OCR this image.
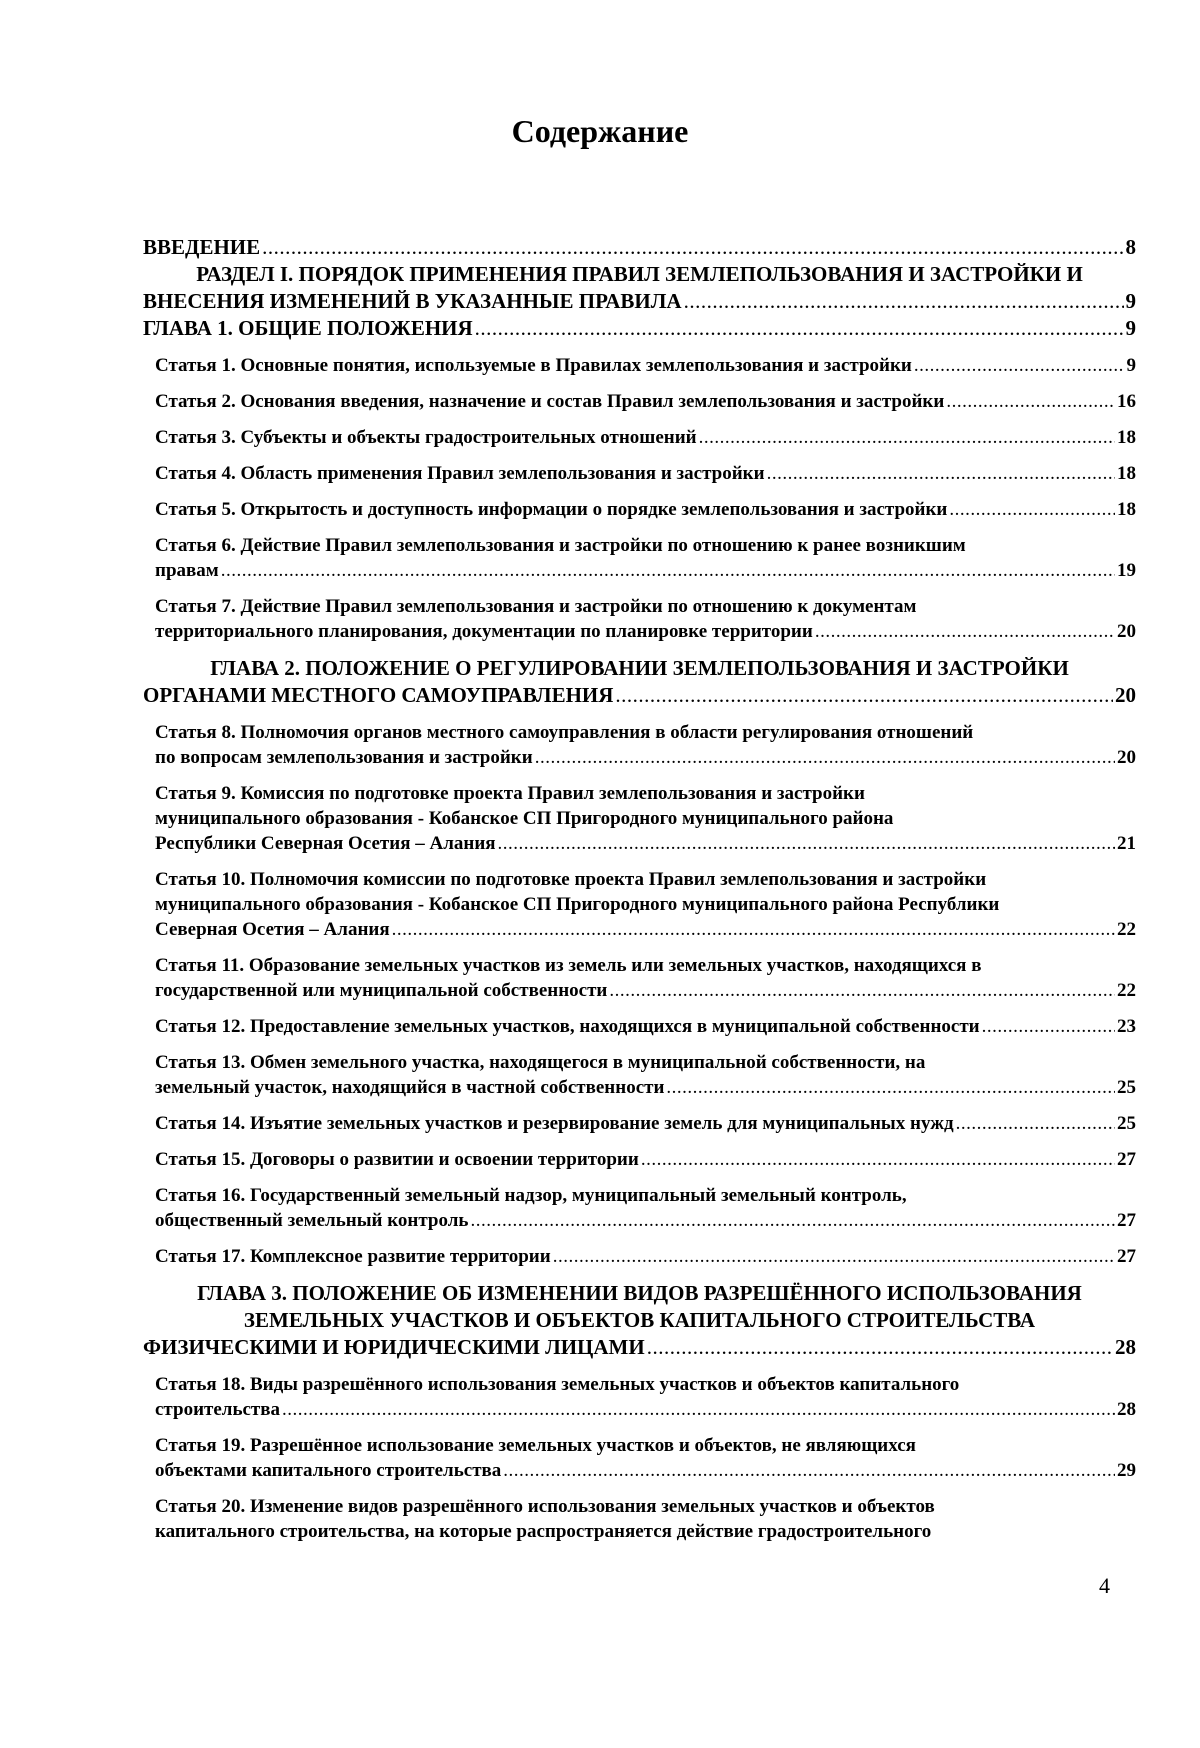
Содержание
ВВЕДЕНИЕ .....	8
РАЗДЕЛ I. ПОРЯДОК ПРИМЕНЕНИЯ ПРАВИЛ ЗЕМЛЕПОЛЬЗОВАНИЯ И ЗАСТРОЙКИ И
ВНЕСЕНИЯ ИЗМЕНЕНИЙ В УКАЗАННЫЕ ПРАВИЛА .....	9
ГЛАВА 1. ОБЩИЕ ПОЛОЖЕНИЯ .....	9
Статья 1. Основные понятия, используемые в Правилах землепользования и застройки .....	9
Статья 2. Основания введения, назначение и состав Правил землепользования и застройки .....	16
Статья 3. Субъекты и объекты градостроительных отношений .....	18
Статья 4. Область применения Правил землепользования и застройки .....	18
Статья 5. Открытость и доступность информации о порядке землепользования и застройки .....	18
Статья 6. Действие Правил землепользования и застройки по отношению к ранее возникшим
правам .....	19
Статья 7. Действие Правил землепользования и застройки по отношению к документам
территориального планирования, документации по планировке территории .....	20
ГЛАВА 2. ПОЛОЖЕНИЕ О РЕГУЛИРОВАНИИ ЗЕМЛЕПОЛЬЗОВАНИЯ И ЗАСТРОЙКИ
ОРГАНАМИ МЕСТНОГО САМОУПРАВЛЕНИЯ .....	20
Статья 8. Полномочия органов местного самоуправления в области регулирования отношений
по вопросам землепользования и застройки .....	20
Статья 9. Комиссия по подготовке проекта Правил землепользования и застройки
муниципального образования - Кобанское СП Пригородного муниципального района
Республики Северная Осетия – Алания .....	21
Статья 10. Полномочия комиссии по подготовке проекта Правил землепользования и застройки
муниципального образования - Кобанское СП Пригородного муниципального района Республики
Северная Осетия – Алания .....	22
Статья 11. Образование земельных участков из земель или земельных участков, находящихся в
государственной или муниципальной собственности .....	22
Статья 12. Предоставление земельных участков, находящихся в муниципальной собственности .....	23
Статья 13. Обмен земельного участка, находящегося в муниципальной собственности, на
земельный участок, находящийся в частной собственности .....	25
Статья 14. Изъятие земельных участков и резервирование земель для муниципальных нужд .....	25
Статья 15. Договоры о развитии и освоении территории .....	27
Статья 16. Государственный земельный надзор, муниципальный земельный контроль,
общественный земельный контроль .....	27
Статья 17. Комплексное развитие территории .....	27
ГЛАВА 3. ПОЛОЖЕНИЕ ОБ ИЗМЕНЕНИИ ВИДОВ РАЗРЕШЁННОГО ИСПОЛЬЗОВАНИЯ
ЗЕМЕЛЬНЫХ УЧАСТКОВ И ОБЪЕКТОВ КАПИТАЛЬНОГО СТРОИТЕЛЬСТВА
ФИЗИЧЕСКИМИ И ЮРИДИЧЕСКИМИ ЛИЦАМИ .....	28
Статья 18. Виды разрешённого использования земельных участков и объектов капитального
строительства .....	28
Статья 19. Разрешённое использование земельных участков и объектов, не являющихся
объектами капитального строительства .....	29
Статья 20. Изменение видов разрешённого использования земельных участков и объектов
капитального строительства, на которые распространяется действие градостроительного
4
